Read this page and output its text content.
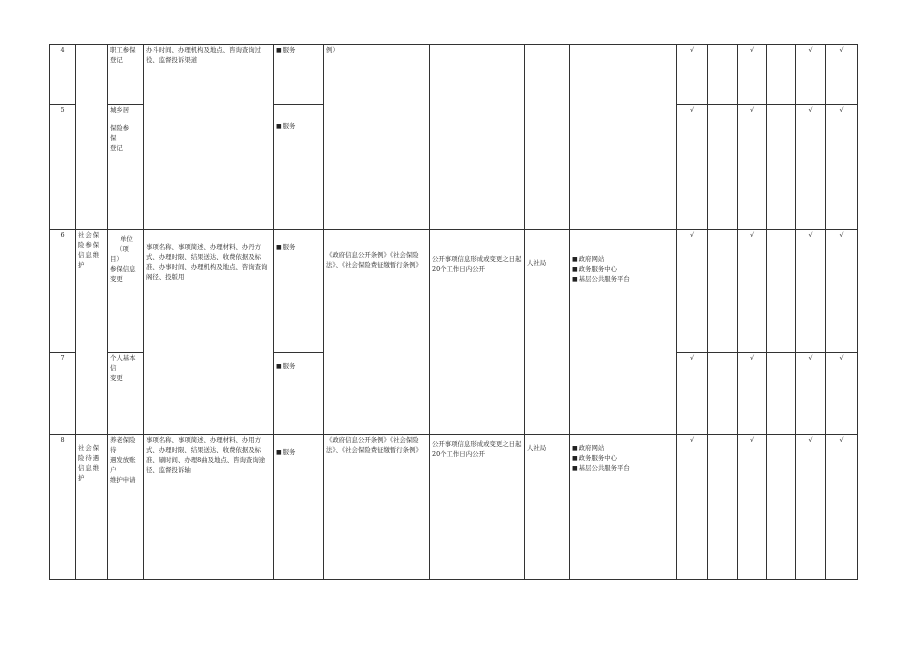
4		职工参保登记	办斗时间、办理机构及地点、咨询查询过役、监督投诉渠道	■ 服务	例）				√		√		√	√
5		城乡居
保险参
保
登记	
■ 服务					√		√		√	√
6	社会保险参保信息维护	单位
（项目）
参保信息变更	事项名称、事项简述、办理材料、办丹方式、办理时限、结果送达、收费依据及标准、办事时间、办理机构及地点、咨询查询阁径、投版用	
■ 服务	《政府信息公开条例》《社会保险法》、《社会保险费征缴暂行条例》	公开事项信息形成或变更之日起20个工作日内公开	人社局	
■政府网站
■ 政务服务中心
■ 基层公共服务平台	√		√		√	√
7		个人基本信
变更	
■ 服务					√		√		√	√
8	社会保险待遇信息维护	养老保险待
遇发放账户
维护申请	事项名称、事项简述、办理材料、办用方式、办理时限、结果送达、收费依据及标准、刷时间、办理8曲及地点、咨询查询途径、监督投诉轴	
■ 服务	《政府信息公开条例》《社会保险法》、《社会保险费征缴暂行条例》	公开事项信息形成或变更之日起20个工作日内公开	人社局	
■政府网站
■ 政务服务中心
■ 基层公共服务平台	√		√		√	√
